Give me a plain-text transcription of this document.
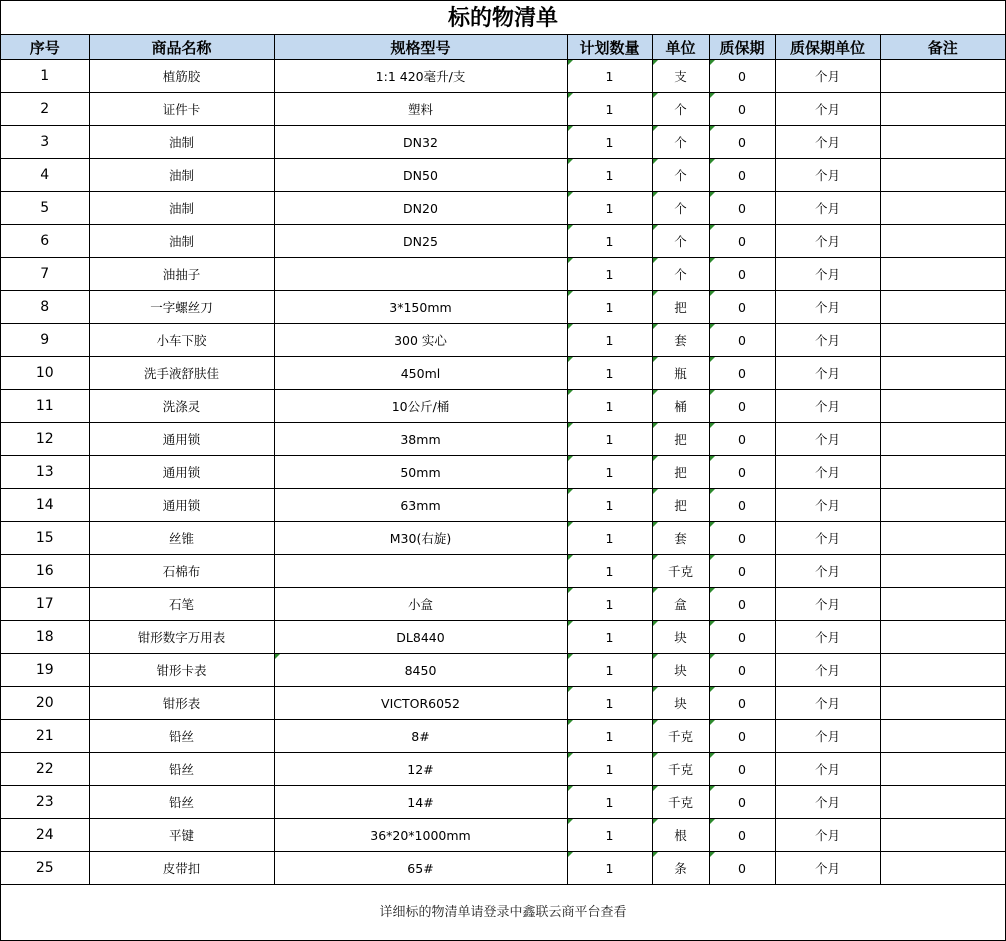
标的物清单
序号	商品名称	规格型号	计划数量	单位	质保期	质保期单位	备注
1	植筋胶	1:1 420毫升/支	1	支	0	个月	
2	证件卡	塑料	1	个	0	个月	
3	油制	DN32	1	个	0	个月	
4	油制	DN50	1	个	0	个月	
5	油制	DN20	1	个	0	个月	
6	油制	DN25	1	个	0	个月	
7	油抽子		1	个	0	个月	
8	一字螺丝刀	3*150mm	1	把	0	个月	
9	小车下胶	300 实心	1	套	0	个月	
10	洗手液舒肤佳	450ml	1	瓶	0	个月	
11	洗涤灵	10公斤/桶	1	桶	0	个月	
12	通用锁	38mm	1	把	0	个月	
13	通用锁	50mm	1	把	0	个月	
14	通用锁	63mm	1	把	0	个月	
15	丝锥	M30(右旋)	1	套	0	个月	
16	石棉布		1	千克	0	个月	
17	石笔	小盒	1	盒	0	个月	
18	钳形数字万用表	DL8440	1	块	0	个月	
19	钳形卡表	8450	1	块	0	个月	
20	钳形表	VICTOR6052	1	块	0	个月	
21	铅丝	8#	1	千克	0	个月	
22	铅丝	12#	1	千克	0	个月	
23	铅丝	14#	1	千克	0	个月	
24	平键	36*20*1000mm	1	根	0	个月	
25	皮带扣	65#	1	条	0	个月	
详细标的物清单请登录中鑫联云商平台查看
